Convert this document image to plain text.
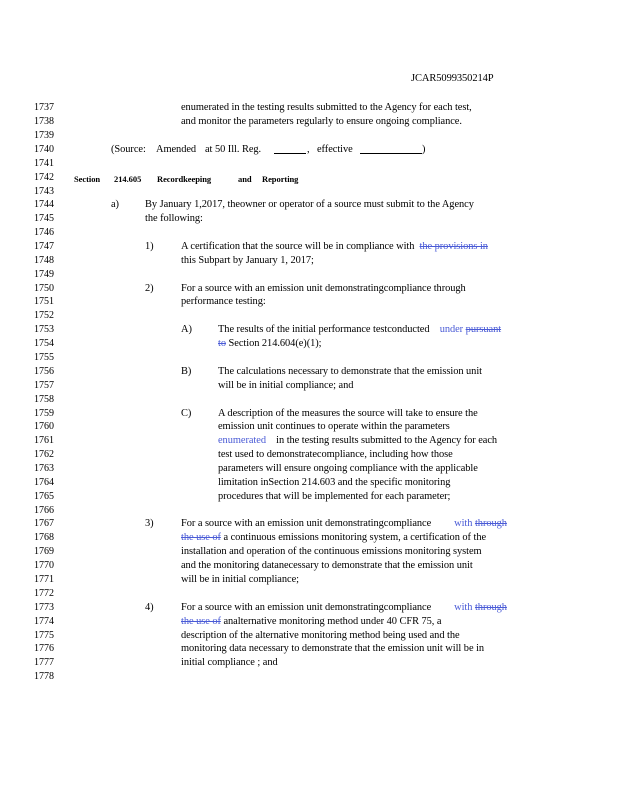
JCAR5099350214P
1737
1738
1739
1740
1741
1742
1743
1744
1745
1746
1747
1748
1749
1750
1751
1752
1753
1754
1755
1756
1757
1758
1759
1760
1761
1762
1763
1764
1765
1766
1767
1768
1769
1770
1771
1772
1773
1774
1775
1776
1777
1778
enumerated in the testing results submitted to the Agency for each test,
and monitor the parameters regularly to ensure ongoing compliance.
(Source: Amended at 50 Ill. Reg.	, effective	)
Section 214.605 Recordkeeping	and Reporting
a)	By January 1,2017, theowner or operator of a source must submit to the Agency
the following:
1)	A certification that the source will be in compliance with the provisions in
this Subpart by January 1, 2017;
2)	For a source with an emission unit demonstratingcompliance through
performance testing:
A)	The results of the initial performance testconducted under pursuant
to Section 214.604(e)(1);
B)	The calculations necessary to demonstrate that the emission unit
will be in initial compliance; and
C)	A description of the measures the source will take to ensure the
emission unit continues to operate within the parameters
enumerated in the testing results submitted to the Agency for each
test used to demonstratecompliance, including how those
parameters will ensure ongoing compliance with the applicable
limitation inSection 214.603 and the specific monitoring
procedures that will be implemented for each parameter;
3)	For a source with an emission unit demonstratingcompliance with through
the use of a continuous emissions monitoring system, a certification of the
installation and operation of the continuous emissions monitoring system
and the monitoring datanecessary to demonstrate that the emission unit
will be in initial compliance;
4)	For a source with an emission unit demonstratingcompliance with through
the use of analternative monitoring method under 40 CFR 75, a
description of the alternative monitoring method being used and the
monitoring data necessary to demonstrate that the emission unit will be in
initial compliance ; and
